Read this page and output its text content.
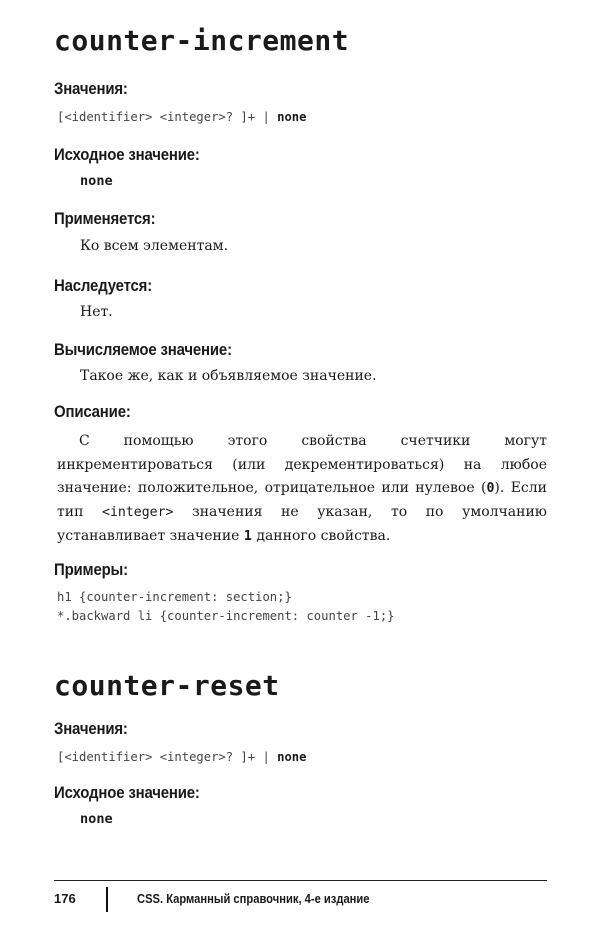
counter-increment
Значения:
[<identifier> <integer>? ]+ | none
Исходное значение:
none
Применяется:
Ко всем элементам.
Наследуется:
Нет.
Вычисляемое значение:
Такое же, как и объявляемое значение.
Описание:

С помощью этого свойства счетчики могут инкрементироваться (или декрементироваться) на любое значение: положительное, отрицательное или нулевое (0). Если тип <integer> значения не указан, то по умолчанию устанавливает значение 1 данного свойства.

Примеры:
h1 {counter-increment: section;}
*.backward li {counter-increment: counter -1;}
counter-reset
Значения:
[<identifier> <integer>? ]+ | none
Исходное значение:
none
176	CSS. Карманный справочник, 4-е издание
